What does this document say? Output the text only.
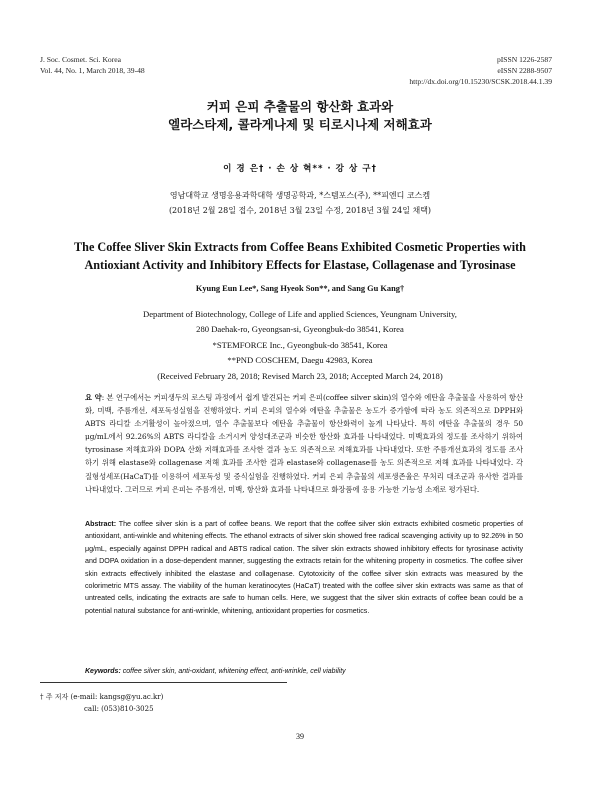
J. Soc. Cosmet. Sci. Korea
Vol. 44, No. 1, March 2018, 39-48
pISSN 1226-2587
eISSN 2288-9507
http://dx.doi.org/10.15230/SCSK.2018.44.1.39
커피 은피 추출물의 항산화 효과와
엘라스타제, 콜라게나제 및 티로시나제 저해효과
이 경 은† · 손 상 혁** · 강 상 구†
영남대학교 생명응용과학대학 생명공학과, *스템포스(주), **피엔디 코스켐
(2018년 2월 28일 접수, 2018년 3월 23일 수정, 2018년 3월 24일 채택)
The Coffee Sliver Skin Extracts from Coffee Beans Exhibited Cosmetic Properties with
Antioxiant Activity and Inhibitory Effects for Elastase, Collagenase and Tyrosinase
Kyung Eun Lee*, Sang Hyeok Son**, and Sang Gu Kang†
Department of Biotechnology, College of Life and applied Sciences, Yeungnam University,
280 Daehak-ro, Gyeongsan-si, Gyeongbuk-do 38541, Korea
*STEMFORCE Inc., Gyeongbuk-do 38541, Korea
**PND COSCHEM, Daegu 42983, Korea
(Received February 28, 2018; Revised March 23, 2018; Accepted March 24, 2018)
요 약: 본 연구에서는 커피생두의 로스팅 과정에서 쉽게 발견되는 커피 은피(coffee silver skin)의 열수와 에탄올 추출물을 사용하여 항산화, 미백, 주름개선, 세포독성실험을 진행하였다. 커피 은피의 열수와 에탄올 추출물은 농도가 증가함에 따라 농도 의존적으로 DPPH와 ABTS 라디칼 소거활성이 높아졌으며, 열수 추출물보다 에탄올 추출물이 항산화력이 높게 나타났다. 특히 에탄올 추출물의 경우 50 μg/mL에서 92.26%의 ABTS 라디칼을 소거시켜 양성대조군과 비슷한 항산화 효과를 나타내었다. 미백효과의 정도를 조사하기 위하여 tyrosinase 저해효과와 DOPA 산화 저해효과를 조사한 결과 농도 의존적으로 저해효과를 나타내었다. 또한 주름개선효과의 정도를 조사하기 위해 elastase와 collagenase 저해 효과를 조사한 결과 elastase와 collagenase를 농도 의존적으로 저해 효과를 나타내었다. 각질형성세포(HaCaT)를 이용하여 세포독성 및 증식실험을 진행하였다. 커피 은피 추출물의 세포생존율은 무처리 대조군과 유사한 결과를 나타내었다. 그러므로 커피 은피는 주름개선, 미백, 항산화 효과를 나타내므로 화장품에 응용 가능한 기능성 소재로 평가된다.
Abstract: The coffee silver skin is a part of coffee beans. We report that the coffee silver skin extracts exhibited cosmetic properties of antioxidant, anti-winkle and whitening effects. The ethanol extracts of silver skin showed free radical scavenging activity up to 92.26% in 50 μg/mL, especially against DPPH radical and ABTS radical cation. The silver skin extracts showed inhibitory effects for tyrosinase activity and DOPA oxidation in a dose-dependent manner, suggesting the extracts retain for the whitening property in cosmetics. The coffee silver skin extracts effectively inhibited the elastase and collagenase. Cytotoxicity of the coffee silver skin extracts was measured by the colorimetric MTS assay. The viability of the human keratinocytes (HaCaT) treated with the coffee silver skin extracts was same as that of untreated cells, indicating the extracts are safe to human cells. Here, we suggest that the silver skin extracts of coffee bean could be a potential natural substance for anti-wrinkle, whitening, antioxidant properties for cosmetics.
Keywords: coffee silver skin, anti-oxidant, whitening effect, anti-wrinkle, cell viability
† 주 저자 (e-mail: kangsg@yu.ac.kr)
call: (053)810-3025
39
